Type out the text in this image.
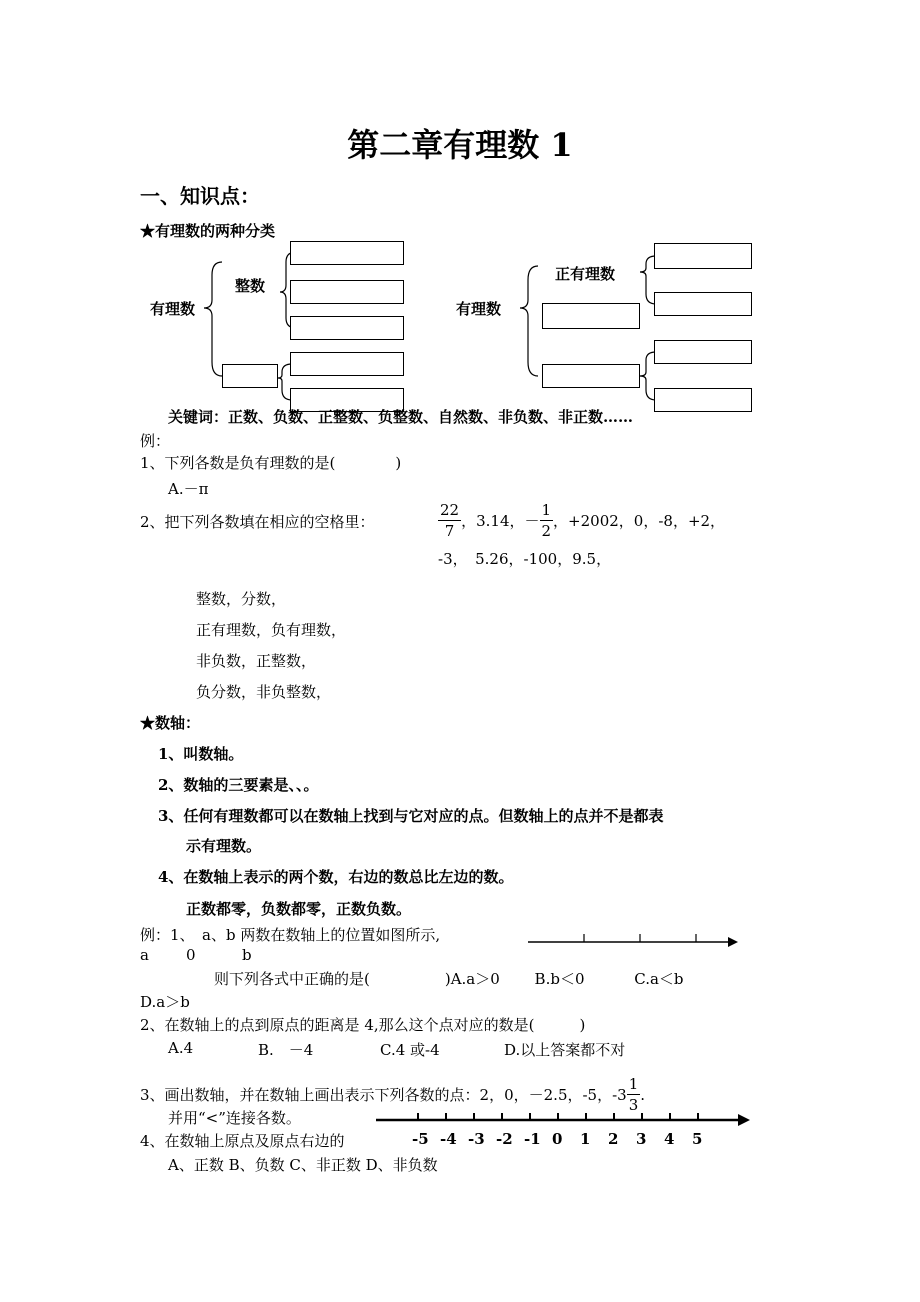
第二章有理数 1
一、知识点：
★有理数的两种分类
有理数
整数
有理数
正有理数
关键词：正数、负数、正整数、负整数、自然数、非负数、非正数……
例：
1、下列各数是负有理数的是(　　　　)
A.－π
2、把下列各数填在相应的空格里：	$\frac{22}{7}$ ，3.14，－ $\frac{1}{2}$ ，+2002，0，-8，+2，
-3，　5.26，-100，9.5，
整数，分数，
正有理数，负有理数，
非负数，正整数，
负分数，非负整数，
★数轴：
1、叫数轴。
2、数轴的三要素是、、。
3、任何有理数都可以在数轴上找到与它对应的点。但数轴上的点并不是都表
示有理数。
4、在数轴上表示的两个数，右边的数总比左边的数。
正数都零，负数都零，正数负数。
例：1、　a、b 两数在数轴上的位置如图所示,
a 0	b
则下列各式中正确的是(　　　　　)A.a＞0　　 B.b＜0　　　 C.a＜b
D.a＞b
2、在数轴上的点到原点的距离是 4,那么这个点对应的数是(　　　)
A.4	B.　－4	C.4 或-4	D.以上答案都不对
3、画出数轴，并在数轴上画出表示下列各数的点：2，0，－2.5，-5，$-3 \frac{1}{3}$ .
并用“<”连接各数。
-5 -4 -3 -2 -1 0 1 2 3 4 5
4、在数轴上原点及原点右边的
A、正数 B、负数 C、非正数 D、非负数
